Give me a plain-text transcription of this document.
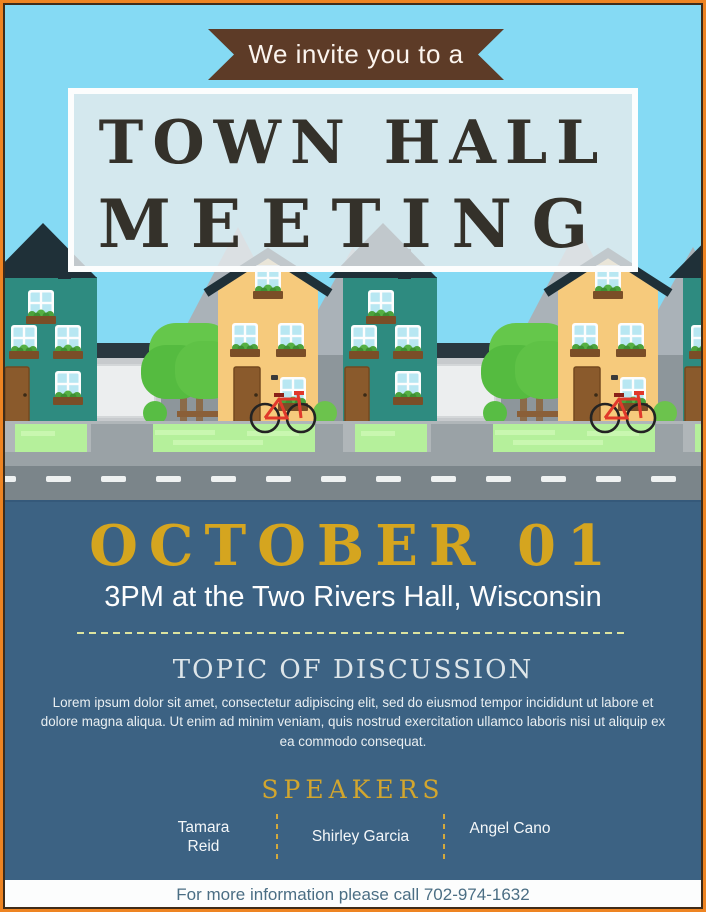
TOWN HALL
MEETING
We invite you to a
OCTOBER 01
3PM at the Two Rivers Hall, Wisconsin
TOPIC OF DISCUSSION
Lorem ipsum dolor sit amet, consectetur adipiscing elit, sed do eiusmod tempor incididunt ut labore et dolore magna aliqua. Ut enim ad minim veniam, quis nostrud exercitation ullamco laboris nisi ut aliquip ex ea commodo consequat.
SPEAKERS
Tamara Reid
Shirley Garcia	Angel Cano
For more information please call 702-974-1632
